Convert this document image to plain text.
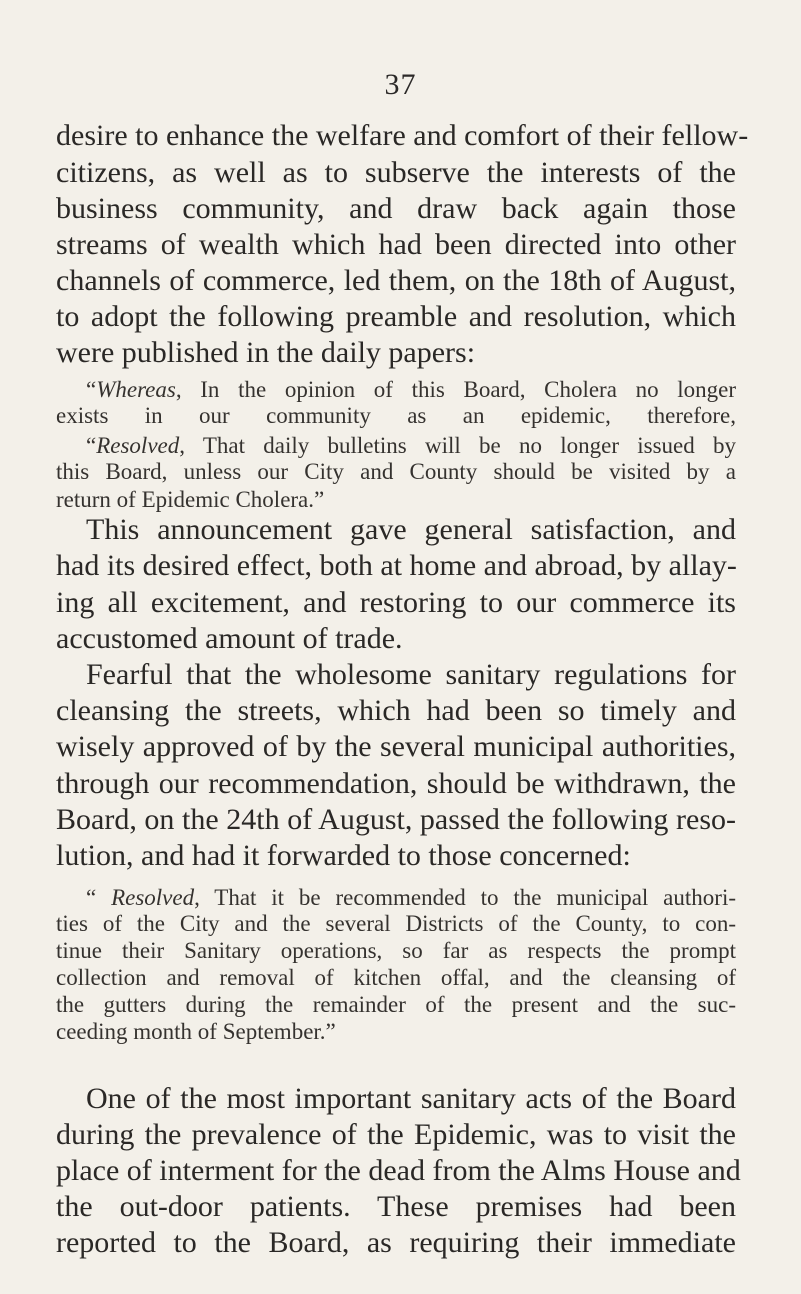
37
desire to enhance the welfare and comfort of their fellow-
citizens, as well as to subserve the interests of the
business community, and draw back again those
streams of wealth which had been directed into other
channels of commerce, led them, on the 18th of August,
to adopt the following preamble and resolution, which
were published in the daily papers:
“Whereas, In the opinion of this Board, Cholera no longer
exists in our community as an epidemic, therefore,
“Resolved, That daily bulletins will be no longer issued by
this Board, unless our City and County should be visited by a
return of Epidemic Cholera.”
This announcement gave general satisfaction, and
had its desired effect, both at home and abroad, by allay-
ing all excitement, and restoring to our commerce its
accustomed amount of trade.
Fearful that the wholesome sanitary regulations for
cleansing the streets, which had been so timely and
wisely approved of by the several municipal authorities,
through our recommendation, should be withdrawn, the
Board, on the 24th of August, passed the following reso-
lution, and had it forwarded to those concerned:
“ Resolved, That it be recommended to the municipal authori-
ties of the City and the several Districts of the County, to con-
tinue their Sanitary operations, so far as respects the prompt
collection and removal of kitchen offal, and the cleansing of
the gutters during the remainder of the present and the suc-
ceeding month of September.”
One of the most important sanitary acts of the Board
during the prevalence of the Epidemic, was to visit the
place of interment for the dead from the Alms House and
the out-door patients. These premises had been
reported to the Board, as requiring their immediate
